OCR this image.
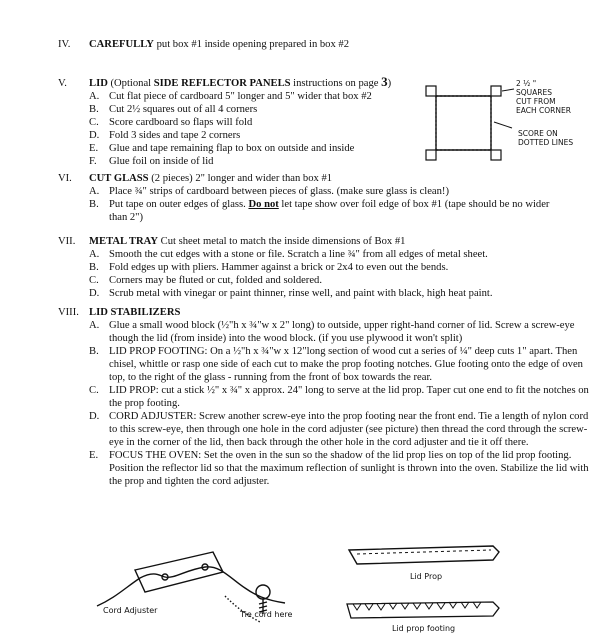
IV. CAREFULLY put box #1 inside opening prepared in box #2
V. LID (Optional SIDE REFLECTOR PANELS instructions on page 3)
A. Cut flat piece of cardboard 5" longer and 5" wider that box #2
B. Cut 2½ squares out of all 4 corners
C. Score cardboard so flaps will fold
D. Fold 3 sides and tape 2 corners
E. Glue and tape remaining flap to box on outside and inside
F. Glue foil on inside of lid
2 ½ "
SQUARES
CUT FROM
EACH CORNER
SCORE ON
DOTTED LINES
VI. CUT GLASS (2 pieces) 2" longer and wider than box #1
A. Place ¾" strips of cardboard between pieces of glass. (make sure glass is clean!)
B. Put tape on outer edges of glass. Do not let tape show over foil edge of box #1 (tape should be no wider than 2")
VII. METAL TRAY Cut sheet metal to match the inside dimensions of Box #1
A. Smooth the cut edges with a stone or file. Scratch a line ¾" from all edges of metal sheet.
B. Fold edges up with pliers. Hammer against a brick or 2x4 to even out the bends.
C. Corners may be fluted or cut, folded and soldered.
D. Scrub metal with vinegar or paint thinner, rinse well, and paint with black, high heat paint.
VIII. LID STABILIZERS
A. Glue a small wood block (½"h x ¾"w x 2" long) to outside, upper right-hand corner of lid. Screw a screw-eye though the lid (from inside) into the wood block. (if you use plywood it won't split)
B. LID PROP FOOTING: On a ½"h x ¾"w x 12"long section of wood cut a series of ¼" deep cuts 1" apart. Then chisel, whittle or rasp one side of each cut to make the prop footing notches. Glue footing onto the edge of oven top, to the right of the glass - running from the front of box towards the rear.
C. LID PROP: cut a stick ½" x ¾" x approx. 24" long to serve at the lid prop. Taper cut one end to fit the notches on the prop footing.
D. CORD ADJUSTER: Screw another screw-eye into the prop footing near the front end. Tie a length of nylon cord to this screw-eye, then through one hole in the cord adjuster (see picture) then thread the cord through the screw-eye in the corner of the lid, then back through the other hole in the cord adjuster and tie it off there.
E. FOCUS THE OVEN: Set the oven in the sun so the shadow of the lid prop lies on top of the lid prop footing. Position the reflector lid so that the maximum reflection of sunlight is thrown into the oven. Stabilize the lid with the prop and tighten the cord adjuster.
Cord Adjuster	Tie cord here
Lid Prop
Lid prop footing
